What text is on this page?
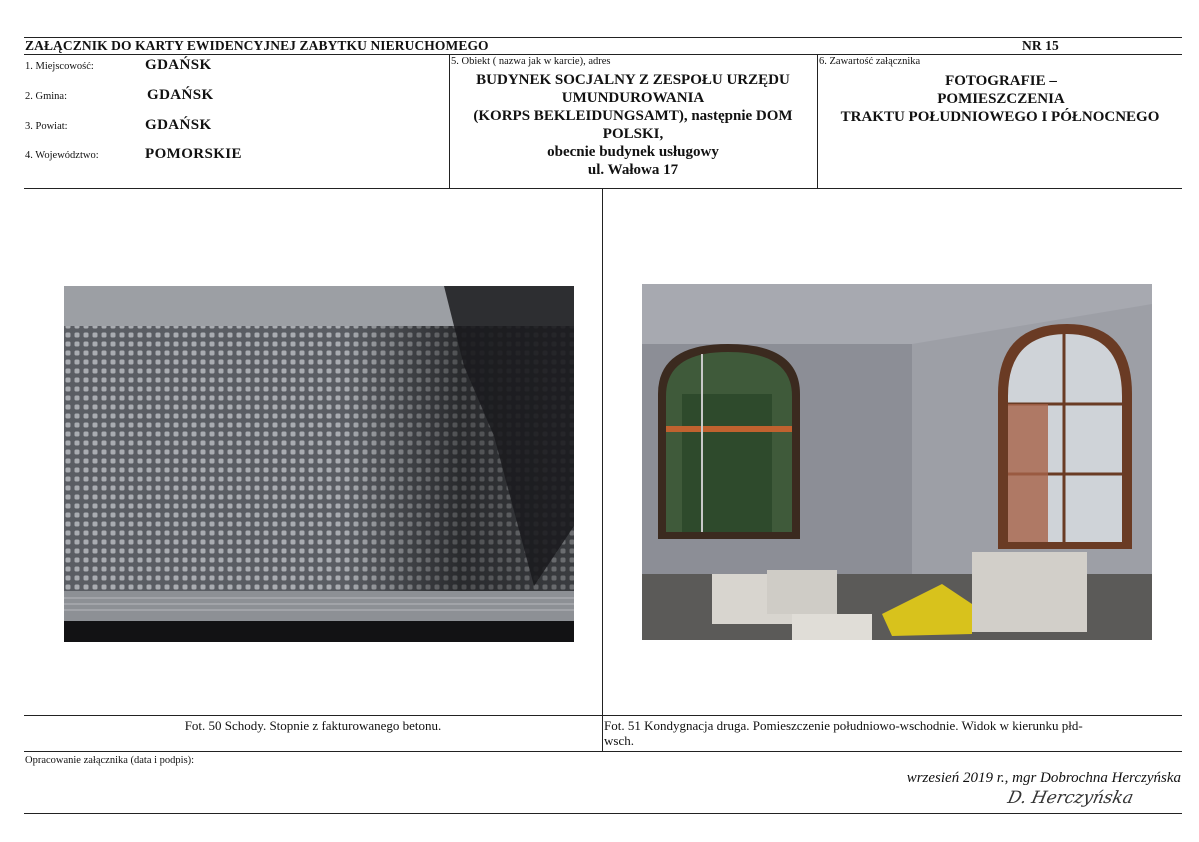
ZAŁĄCZNIK DO KARTY EWIDENCYJNEJ ZABYTKU NIERUCHOMEGO	NR 15
1. Miejscowość:	GDAŃSK
2. Gmina:	GDAŃSK
3. Powiat:	GDAŃSK
4. Województwo:	POMORSKIE
5. Obiekt ( nazwa jak w karcie), adres
BUDYNEK SOCJALNY Z ZESPOŁU URZĘDU
UMUNDUROWANIA
(KORPS BEKLEIDUNGSAMT), następnie DOM
POLSKI,
obecnie budynek usługowy
ul. Wałowa 17
6. Zawartość załącznika
FOTOGRAFIE –
POMIESZCZENIA
TRAKTU POŁUDNIOWEGO I PÓŁNOCNEGO
Fot. 50 Schody. Stopnie z fakturowanego betonu.	Fot. 51 Kondygnacja druga. Pomieszczenie południowo-wschodnie. Widok w kierunku płd-
wsch.
Opracowanie załącznika (data i podpis):
wrzesień 2019 r., mgr Dobrochna Herczyńska
D. Herczyńska
